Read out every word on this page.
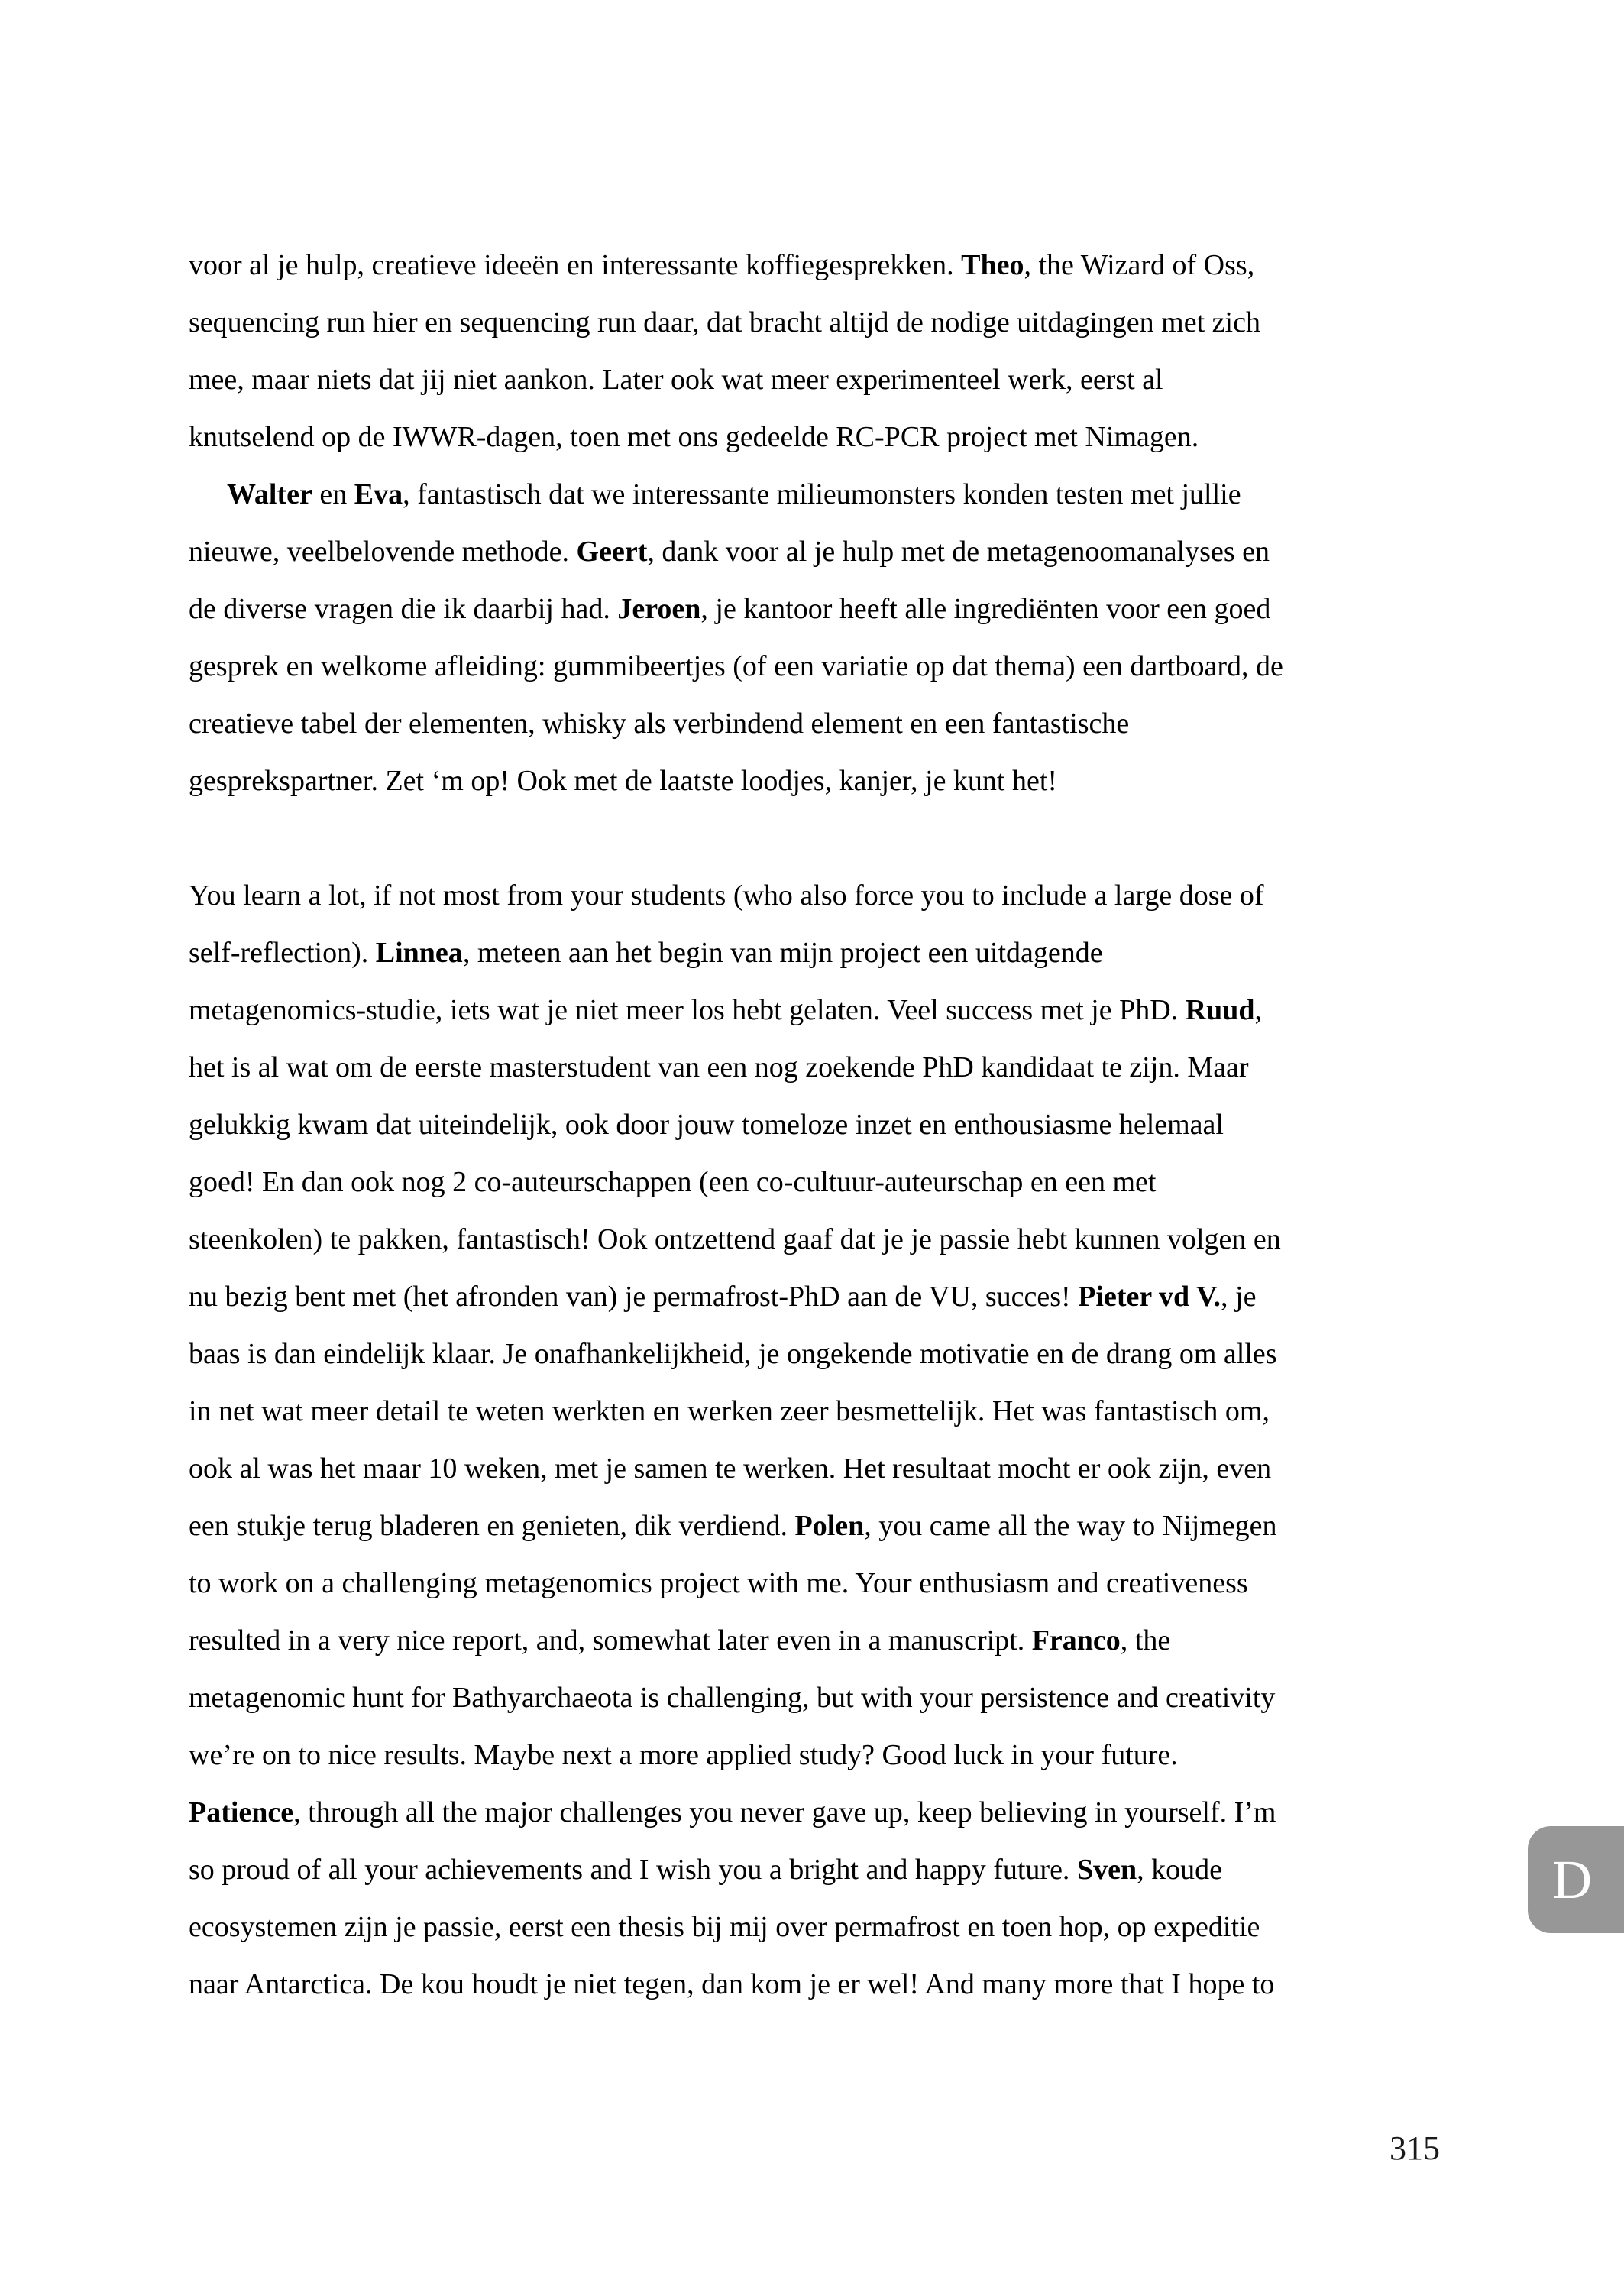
voor al je hulp, creatieve ideeën en interessante koffiegesprekken. Theo, the Wizard of Oss,
sequencing run hier en sequencing run daar, dat bracht altijd de nodige uitdagingen met zich
mee, maar niets dat jij niet aankon. Later ook wat meer experimenteel werk, eerst al
knutselend op de IWWR-dagen, toen met ons gedeelde RC-PCR project met Nimagen.
Walter en Eva, fantastisch dat we interessante milieumonsters konden testen met jullie
nieuwe, veelbelovende methode. Geert, dank voor al je hulp met de metagenoomanalyses en
de diverse vragen die ik daarbij had. Jeroen, je kantoor heeft alle ingrediënten voor een goed
gesprek en welkome afleiding: gummibeertjes (of een variatie op dat thema) een dartboard, de
creatieve tabel der elementen, whisky als verbindend element en een fantastische
gesprekspartner. Zet ‘m op! Ook met de laatste loodjes, kanjer, je kunt het!

You learn a lot, if not most from your students (who also force you to include a large dose of
self-reflection). Linnea, meteen aan het begin van mijn project een uitdagende
metagenomics-studie, iets wat je niet meer los hebt gelaten. Veel success met je PhD. Ruud,
het is al wat om de eerste masterstudent van een nog zoekende PhD kandidaat te zijn. Maar
gelukkig kwam dat uiteindelijk, ook door jouw tomeloze inzet en enthousiasme helemaal
goed! En dan ook nog 2 co-auteurschappen (een co-cultuur-auteurschap en een met
steenkolen) te pakken, fantastisch! Ook ontzettend gaaf dat je je passie hebt kunnen volgen en
nu bezig bent met (het afronden van) je permafrost-PhD aan de VU, succes! Pieter vd V., je
baas is dan eindelijk klaar. Je onafhankelijkheid, je ongekende motivatie en de drang om alles
in net wat meer detail te weten werkten en werken zeer besmettelijk. Het was fantastisch om,
ook al was het maar 10 weken, met je samen te werken. Het resultaat mocht er ook zijn, even
een stukje terug bladeren en genieten, dik verdiend. Polen, you came all the way to Nijmegen
to work on a challenging metagenomics project with me. Your enthusiasm and creativeness
resulted in a very nice report, and, somewhat later even in a manuscript. Franco, the
metagenomic hunt for Bathyarchaeota is challenging, but with your persistence and creativity
we’re on to nice results. Maybe next a more applied study? Good luck in your future.
Patience, through all the major challenges you never gave up, keep believing in yourself. I’m
so proud of all your achievements and I wish you a bright and happy future. Sven, koude
ecosystemen zijn je passie, eerst een thesis bij mij over permafrost en toen hop, op expeditie
naar Antarctica. De kou houdt je niet tegen, dan kom je er wel! And many more that I hope to
D
315
